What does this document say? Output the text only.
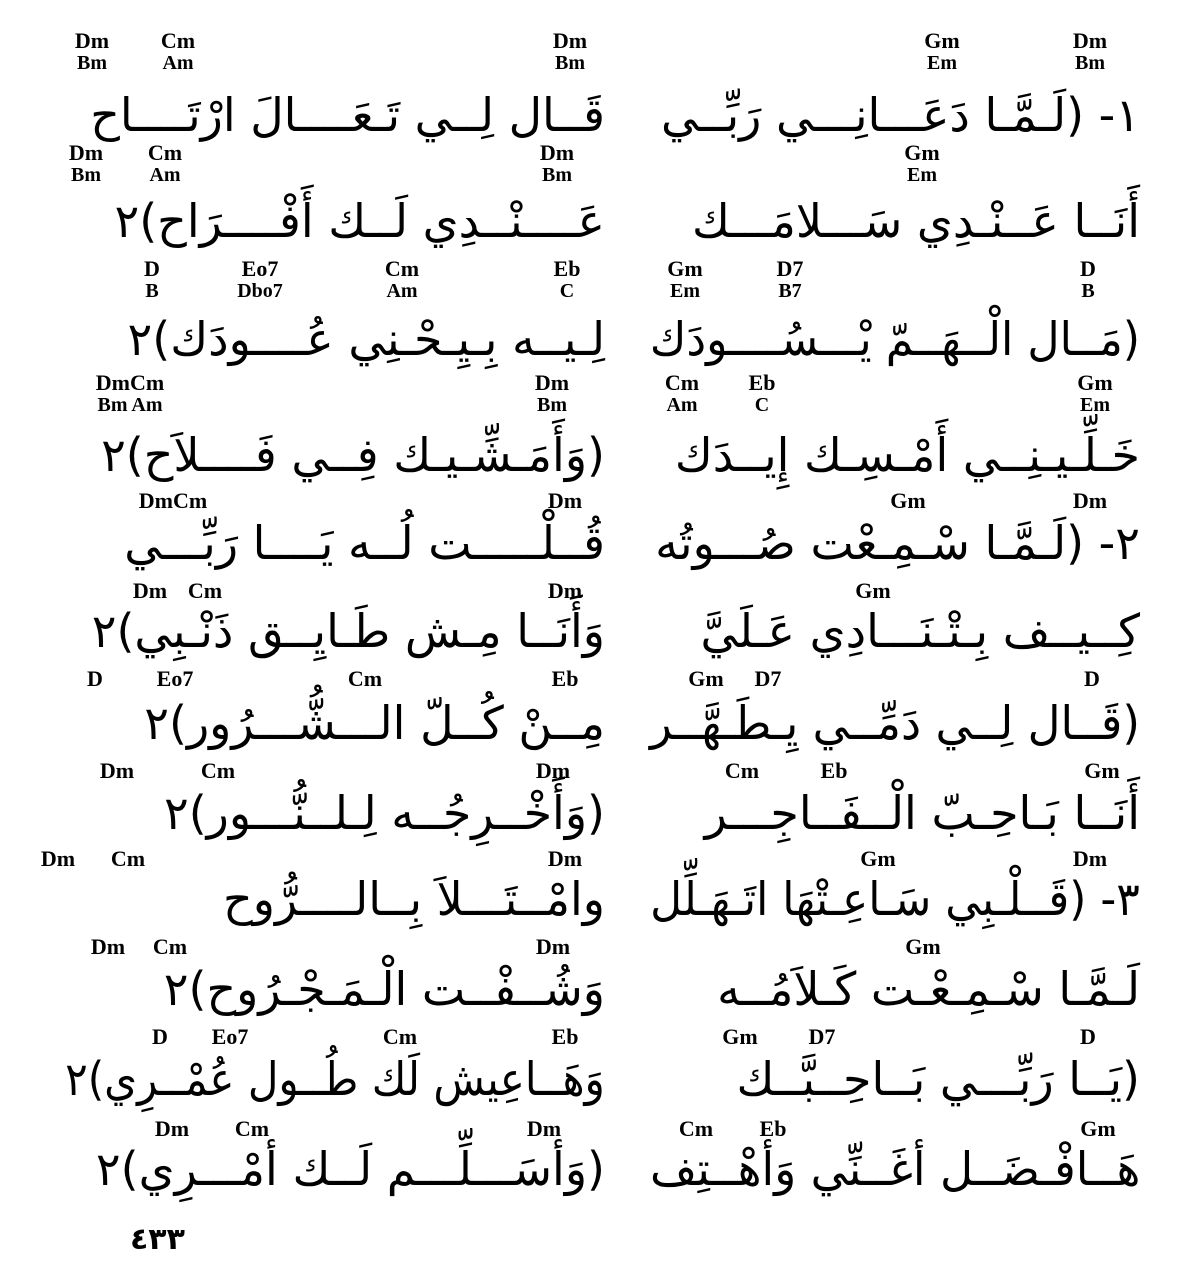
Dm
Bm
Cm
Am
Dm
Bm
Gm
Em
Dm
Bm
١- (لَـمَّـا دَعَـــانِـــي رَبِّــي
قَــال لِــي تَـعَــــالَ ارْتَــــاح
Dm
Bm
Cm
Am
Dm
Bm
Gm
Em
أَنَــا عَــنْـدِي سَـــلامَـــك
عَــــنْــدِي لَــك أَفْــــرَاح)٢
D
B
Eo7
Dbo7
Cm
Am
Eb
C
Gm
Em
D7
B7
D
B
(مَــال الْــهَــمّ يْـــسُــــودَك
لِـيــه بِـيِـحْـنِي عُــــودَك)٢
DmCm
Bm Am
Dm
Bm
Cm
Am
Eb
C
Gm
Em
خَـلِّـيـنِــي أَمْـسِـك إِيــدَك
(وَأَمَـشِّـيـك فِــي فَــــلاَح)٢
DmCm	Dm	Gm	Dm
٢- (لَـمَّـا سْـمِـعْت صُـــوتُه
قُــلْـــــت لُــه يَــــا رَبِّـــي
Dm Cm	Dm	Gm
كِــيــف بِـتْـنَـــادِي عَـلَيَّ
وَأَنَــا مِـش طَـايِــق ذَنْـبِي)٢
D	Eo7	Cm	Eb	Gm	D7	D
(قَــال لِــي دَمِّــي يِـطَـهَّــر
مِــنْ كُــلّ الـــشُّـــرُور)٢
Dm	Cm	Dm	Cm	Eb	Gm
أَنَــا بَـاحِـبّ الْــفَــاجِـــر
(وَأَخْــرِجُــه لِـلــنُّـــور)٢
Dm	Cm	Dm	Gm	Dm
٣- (قَــلْـبِي سَـاعِـتْهَا اتَـهَـلِّل
وامْــتَـــلاَ بِــالــــرُّوح
Dm	Cm	Dm	Gm
لَـمَّـا سْـمِـعْـت كَـلاَمُــه
وَشُــفْــت الْـمَـجْـرُوح)٢
D	Eo7	Cm	Eb	Gm	D7	D
(يَــا رَبِّـــي بَــاحِــبَّــك
وَهَــاعِيش لَك طُــول عُمْــرِي)٢
Dm	Cm	Dm	Cm	Eb	Gm
هَــافْـضَــل أغَــنِّي وَأهْــتِف
(وَأسَـــلِّـــم لَــك أمْـــرِي)٢
٤٣٣
